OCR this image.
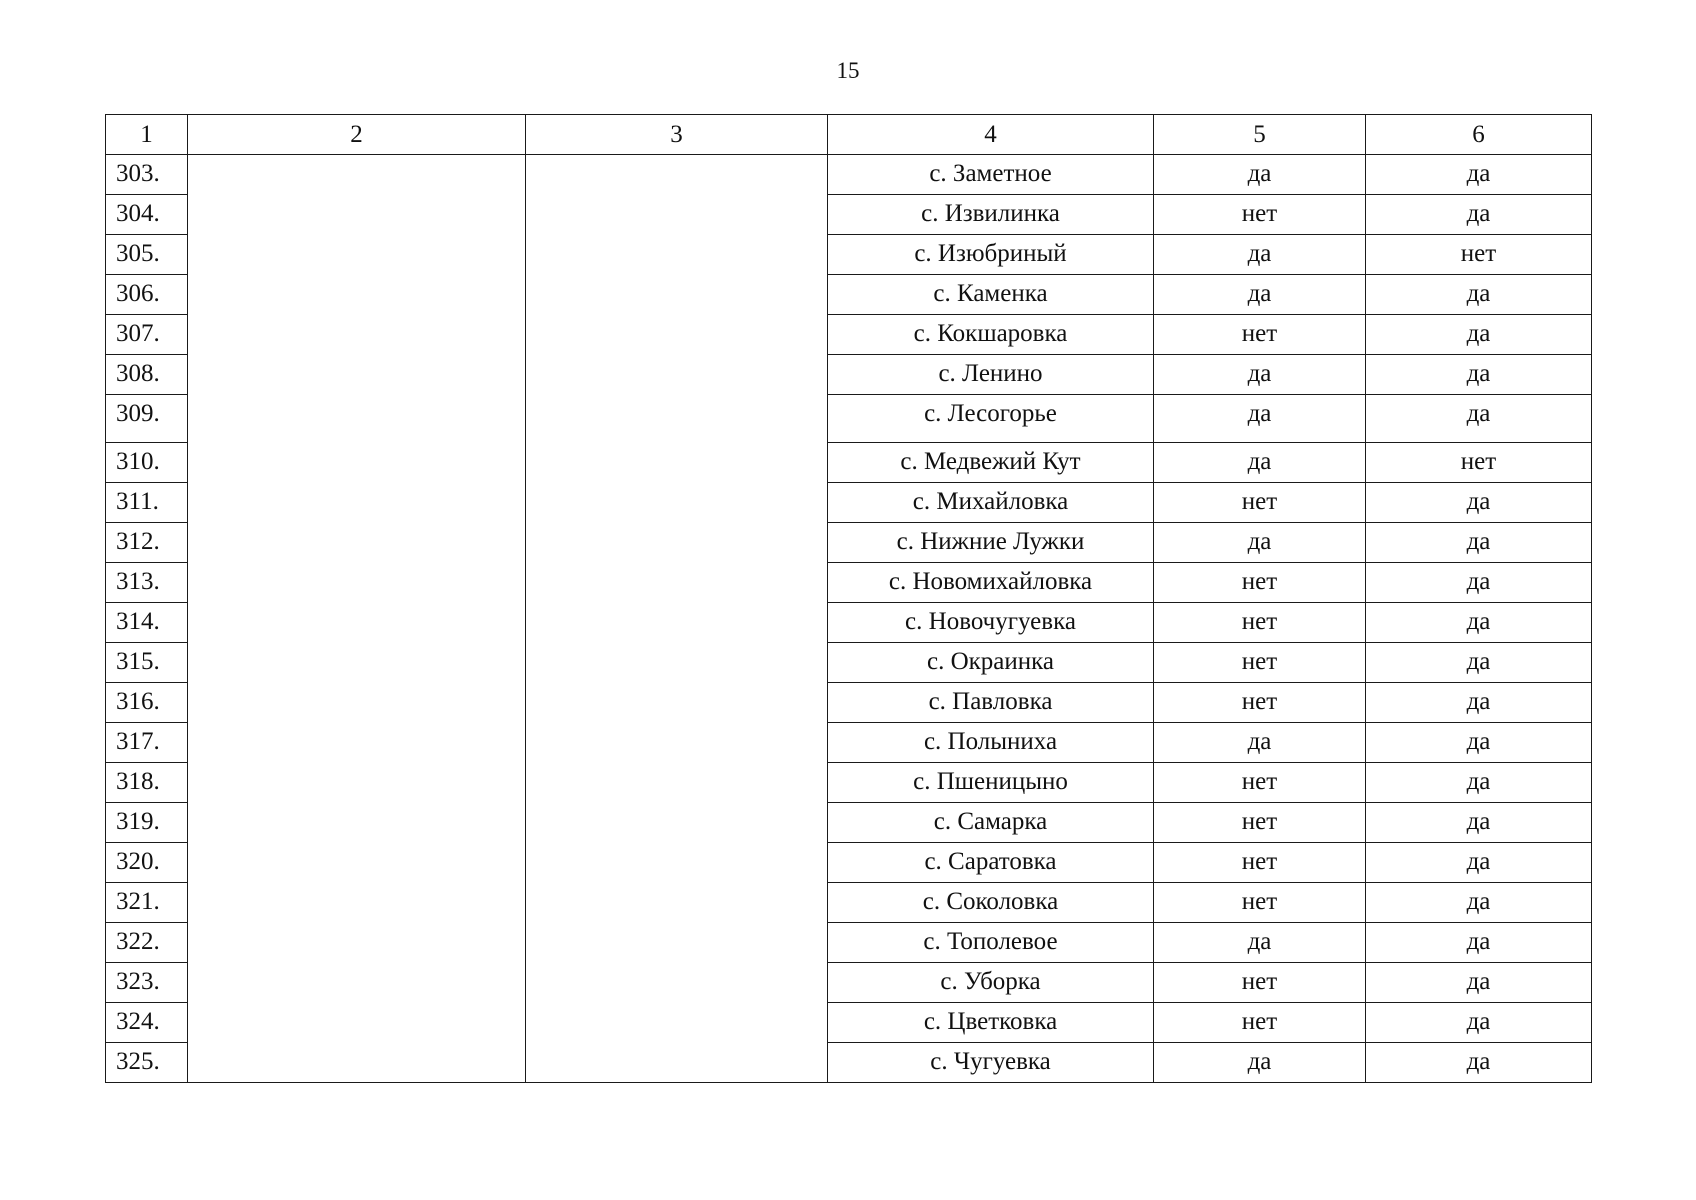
15
1	2	3	4	5	6
303.			с. Заметное	да	да
304.			с. Извилинка	нет	да
305.			с. Изюбриный	да	нет
306.			с. Каменка	да	да
307.			с. Кокшаровка	нет	да
308.			с. Ленино	да	да
309.			с. Лесогорье	да	да
310.			с. Медвежий Кут	да	нет
311.			с. Михайловка	нет	да
312.			с. Нижние Лужки	да	да
313.			с. Новомихайловка	нет	да
314.			с. Новочугуевка	нет	да
315.			с. Окраинка	нет	да
316.			с. Павловка	нет	да
317.			с. Полыниха	да	да
318.			с. Пшеницыно	нет	да
319.			с. Самарка	нет	да
320.			с. Саратовка	нет	да
321.			с. Соколовка	нет	да
322.			с. Тополевое	да	да
323.			с. Уборка	нет	да
324.			с. Цветковка	нет	да
325.			с. Чугуевка	да	да
